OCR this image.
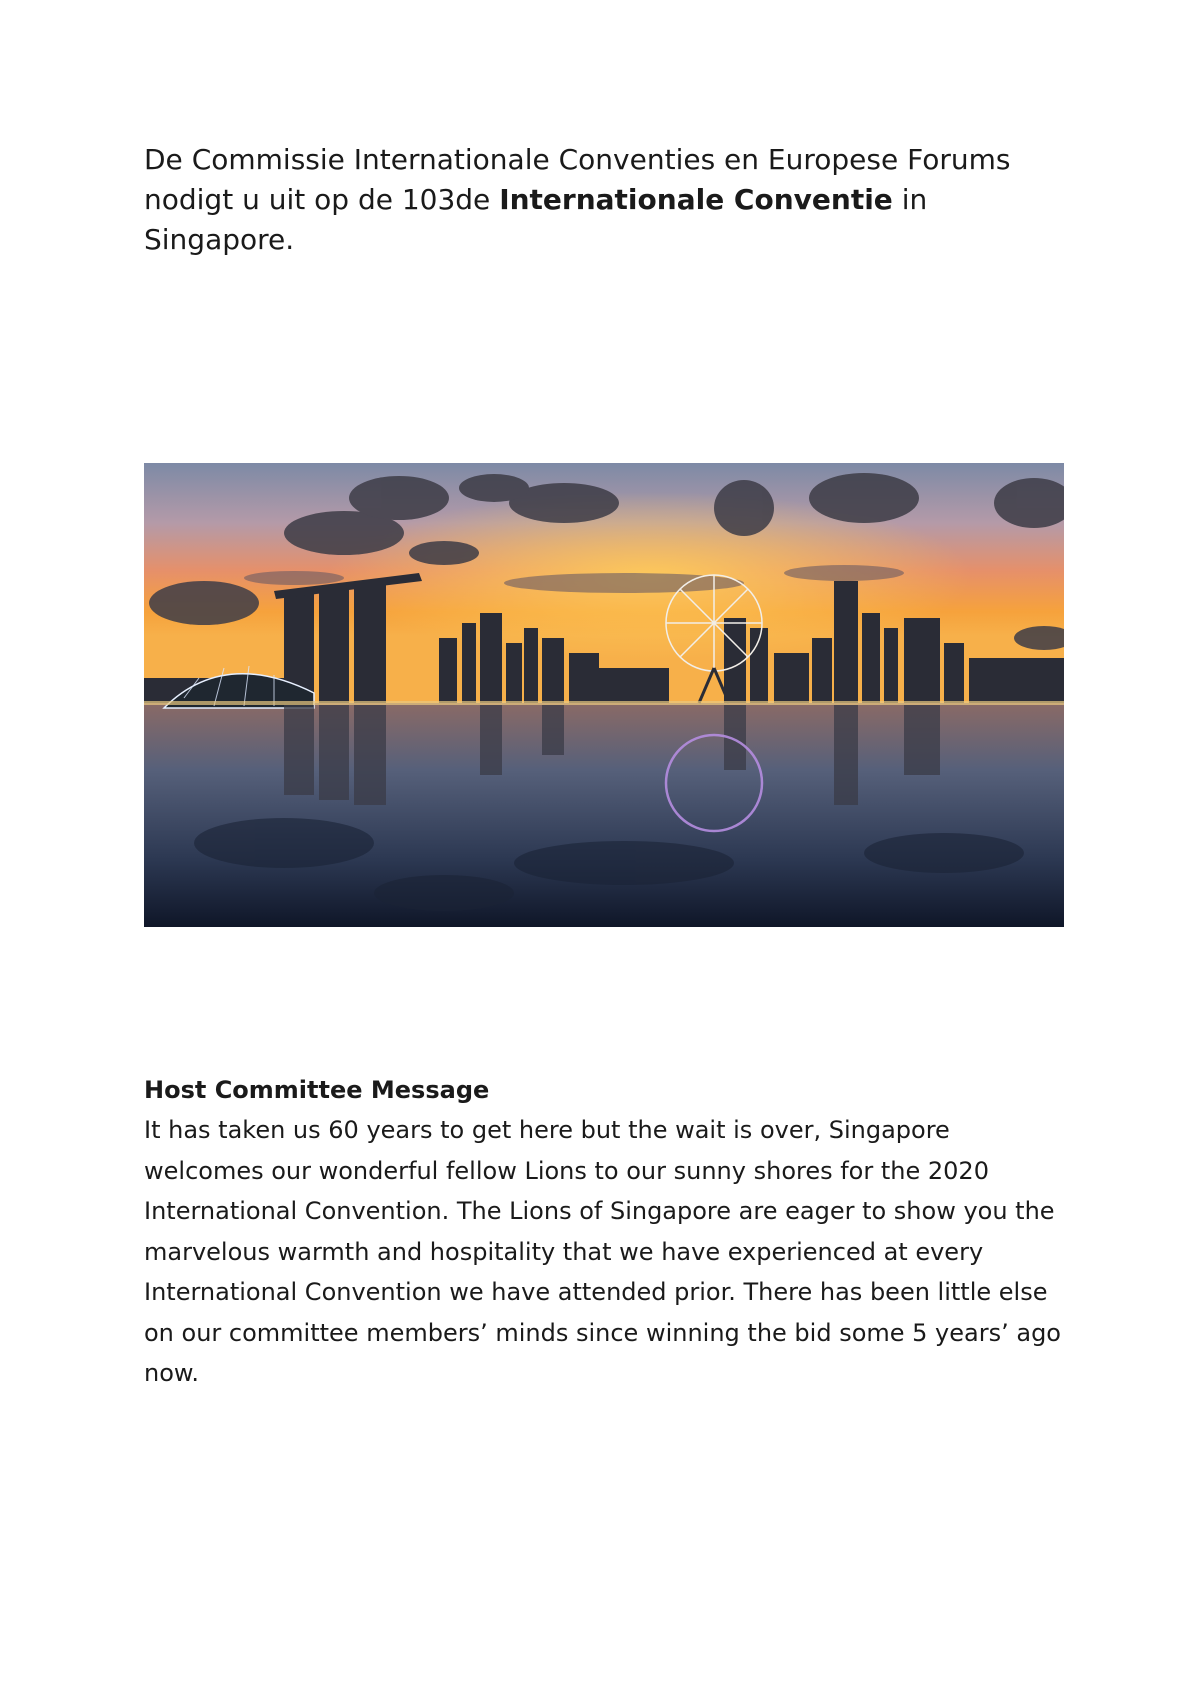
De Commissie Internationale Conventies en Europese Forums nodigt u uit op de 103de Internationale Conventie in Singapore.

Host Committee Message

It has taken us 60 years to get here but the wait is over, Singapore welcomes our wonderful fellow Lions to our sunny shores for the 2020 International Convention. The Lions of Singapore are eager to show you the marvelous warmth and hospitality that we have experienced at every International Convention we have attended prior. There has been little else on our committee members’ minds since winning the bid some 5 years’ ago now.
